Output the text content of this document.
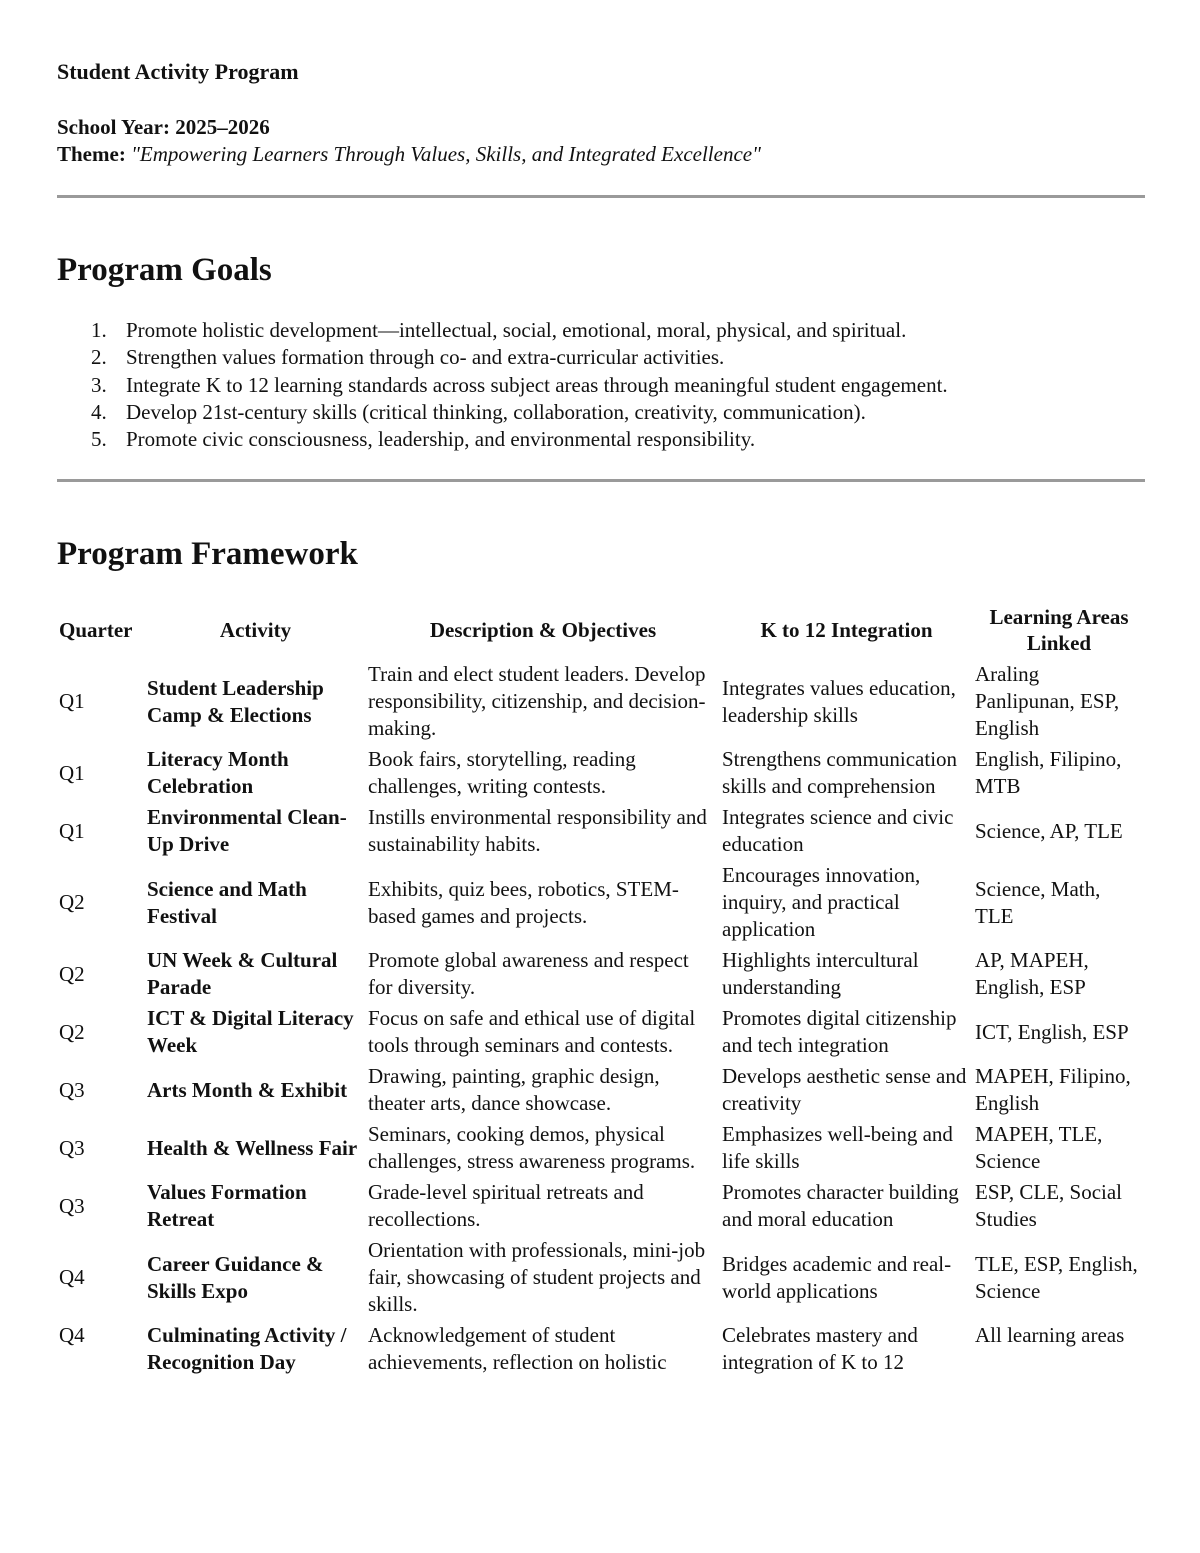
Student Activity Program

School Year: 2025–2026

Theme: "Empowering Learners Through Values, Skills, and Integrated Excellence"

Program Goals
1. Promote holistic development—intellectual, social, emotional, moral, physical, and spiritual.
2. Strengthen values formation through co- and extra-curricular activities.
3. Integrate K to 12 learning standards across subject areas through meaningful student engagement.
4. Develop 21st-century skills (critical thinking, collaboration, creativity, communication).
5. Promote civic consciousness, leadership, and environmental responsibility.
Program Framework
Quarter	Activity	Description & Objectives	K to 12 Integration	Learning Areas Linked
Q1	Student Leadership Camp & Elections	Train and elect student leaders. Develop responsibility, citizenship, and decision-making.	Integrates values education, leadership skills	Araling Panlipunan, ESP, English
Q1	Literacy Month Celebration	Book fairs, storytelling, reading challenges, writing contests.	Strengthens communication skills and comprehension	English, Filipino, MTB
Q1	Environmental Clean-Up Drive	Instills environmental responsibility and sustainability habits.	Integrates science and civic education	Science, AP, TLE
Q2	Science and Math Festival	Exhibits, quiz bees, robotics, STEM-based games and projects.	Encourages innovation, inquiry, and practical application	Science, Math, TLE
Q2	UN Week & Cultural Parade	Promote global awareness and respect for diversity.	Highlights intercultural understanding	AP, MAPEH, English, ESP
Q2	ICT & Digital Literacy Week	Focus on safe and ethical use of digital tools through seminars and contests.	Promotes digital citizenship and tech integration	ICT, English, ESP
Q3	Arts Month & Exhibit	Drawing, painting, graphic design, theater arts, dance showcase.	Develops aesthetic sense and creativity	MAPEH, Filipino, English
Q3	Health & Wellness Fair	Seminars, cooking demos, physical challenges, stress awareness programs.	Emphasizes well-being and life skills	MAPEH, TLE, Science
Q3	Values Formation Retreat	Grade-level spiritual retreats and recollections.	Promotes character building and moral education	ESP, CLE, Social Studies
Q4	Career Guidance & Skills Expo	Orientation with professionals, mini-job fair, showcasing of student projects and skills.	Bridges academic and real-world applications	TLE, ESP, English, Science
Q4	Culminating Activity / Recognition Day	Acknowledgement of student achievements, reflection on holistic	Celebrates mastery and integration of K to 12	All learning areas
